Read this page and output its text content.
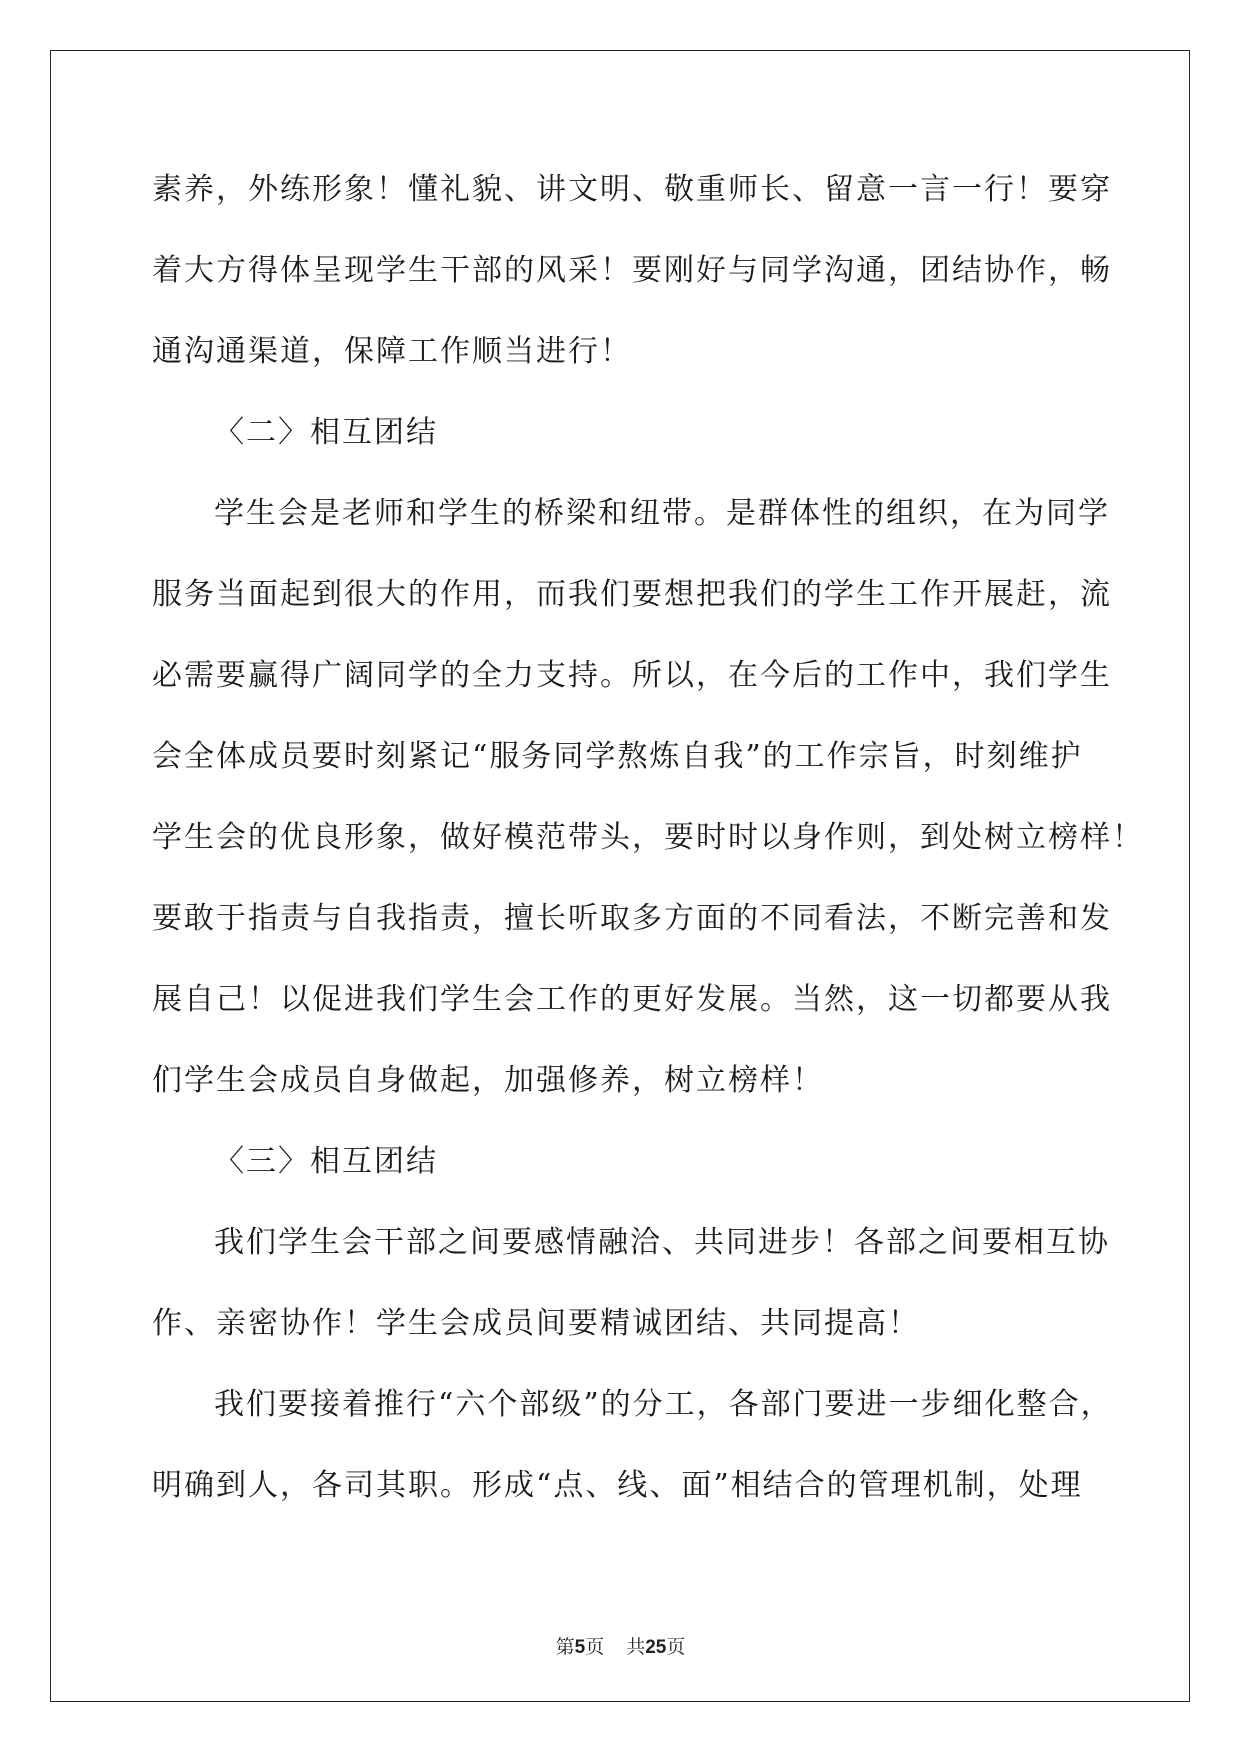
素养，外练形象！懂礼貌、讲文明、敬重师长、留意一言一行！要穿
着大方得体呈现学生干部的风采！要刚好与同学沟通，团结协作，畅
通沟通渠道，保障工作顺当进行！
〈二〉相互团结
学生会是老师和学生的桥梁和纽带。是群体性的组织，在为同学
服务当面起到很大的作用，而我们要想把我们的学生工作开展赶，流
必需要赢得广阔同学的全力支持。所以，在今后的工作中，我们学生
会全体成员要时刻紧记“服务同学熬炼自我”的工作宗旨，时刻维护
学生会的优良形象，做好模范带头，要时时以身作则，到处树立榜样！
要敢于指责与自我指责，擅长听取多方面的不同看法，不断完善和发
展自己！以促进我们学生会工作的更好发展。当然，这一切都要从我
们学生会成员自身做起，加强修养，树立榜样！
〈三〉相互团结
我们学生会干部之间要感情融洽、共同进步！各部之间要相互协
作、亲密协作！学生会成员间要精诚团结、共同提高！
我们要接着推行“六个部级”的分工，各部门要进一步细化整合，
明确到人，各司其职。形成“点、线、面”相结合的管理机制，处理
第5页 共25页
